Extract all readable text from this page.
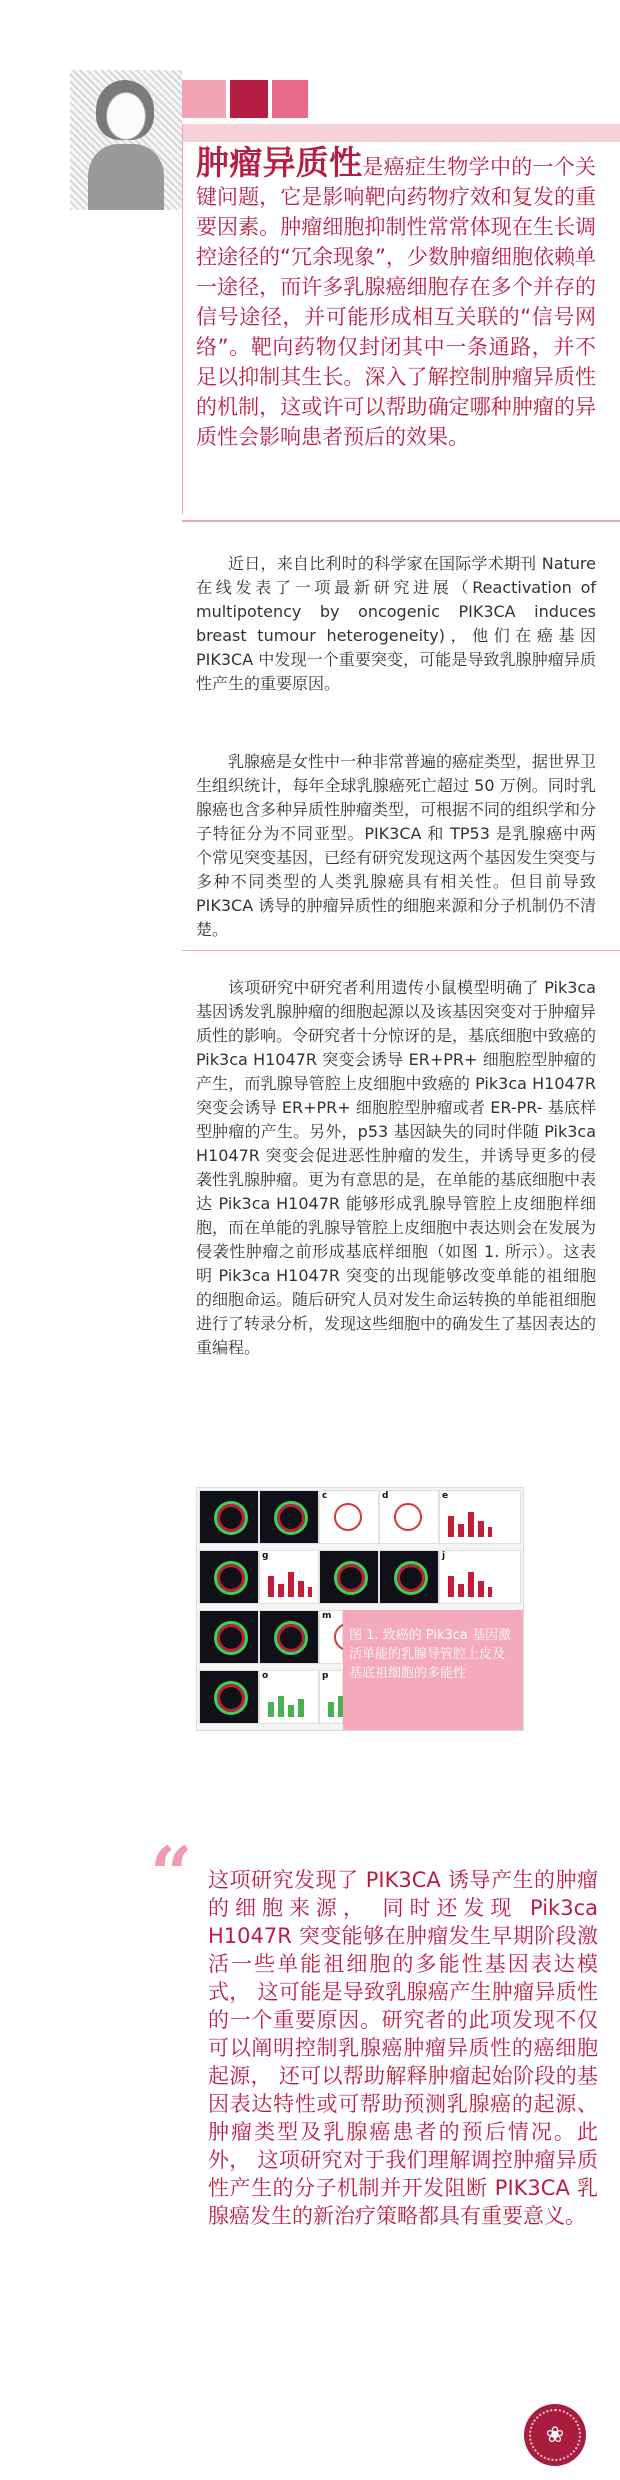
肿瘤异质性是癌症生物学中的一个关键问题，它是影响靶向药物疗效和复发的重要因素。肿瘤细胞抑制性常常体现在生长调控途径的“冗余现象”，少数肿瘤细胞依赖单一途径，而许多乳腺癌细胞存在多个并存的信号途径，并可能形成相互关联的“信号网络”。靶向药物仅封闭其中一条通路，并不足以抑制其生长。深入了解控制肿瘤异质性的机制，这或许可以帮助确定哪种肿瘤的异质性会影响患者预后的效果。

近日，来自比利时的科学家在国际学术期刊 Nature 在线发表了一项最新研究进展（Reactivation of multipotency by oncogenic PIK3CA induces breast tumour heterogeneity)，他们在癌基因PIK3CA 中发现一个重要突变，可能是导致乳腺肿瘤异质性产生的重要原因。

乳腺癌是女性中一种非常普遍的癌症类型，据世界卫生组织统计，每年全球乳腺癌死亡超过 50 万例。同时乳腺癌也含多种异质性肿瘤类型，可根据不同的组织学和分子特征分为不同亚型。PIK3CA 和 TP53 是乳腺癌中两个常见突变基因，已经有研究发现这两个基因发生突变与多种不同类型的人类乳腺癌具有相关性。但目前导致 PIK3CA 诱导的肿瘤异质性的细胞来源和分子机制仍不清楚。

该项研究中研究者利用遗传小鼠模型明确了 Pik3ca 基因诱发乳腺肿瘤的细胞起源以及该基因突变对于肿瘤异质性的影响。令研究者十分惊讶的是，基底细胞中致癌的 Pik3ca H1047R 突变会诱导 ER+PR+ 细胞腔型肿瘤的产生，而乳腺导管腔上皮细胞中致癌的 Pik3ca H1047R 突变会诱导 ER+PR+ 细胞腔型肿瘤或者 ER-PR- 基底样型肿瘤的产生。另外，p53 基因缺失的同时伴随 Pik3ca H1047R 突变会促进恶性肿瘤的发生，并诱导更多的侵袭性乳腺肿瘤。更为有意思的是，在单能的基底细胞中表达 Pik3ca H1047R 能够形成乳腺导管腔上皮细胞样细胞，而在单能的乳腺导管腔上皮细胞中表达则会在发展为侵袭性肿瘤之前形成基底样细胞（如图 1. 所示）。这表明 Pik3ca H1047R 突变的出现能够改变单能的祖细胞的细胞命运。随后研究人员对发生命运转换的单能祖细胞进行了转录分析，发现这些细胞中的确发生了基因表达的重编程。

a	b	c	d	e
f	g	h	i	j
k	l	m
n	o	p

图 1. 致癌的 Pik3ca 基因激活单能的乳腺导管腔上皮及基底祖细胞的多能性

“ 这项研究发现了 PIK3CA 诱导产生的肿瘤的细胞来源， 同时还发现 Pik3ca H1047R 突变能够在肿瘤发生早期阶段激活一些单能祖细胞的多能性基因表达模式， 这可能是导致乳腺癌产生肿瘤异质性的一个重要原因。研究者的此项发现不仅可以阐明控制乳腺癌肿瘤异质性的癌细胞起源， 还可以帮助解释肿瘤起始阶段的基因表达特性或可帮助预测乳腺癌的起源、 肿瘤类型及乳腺癌患者的预后情况。此外， 这项研究对于我们理解调控肿瘤异质性产生的分子机制并开发阻断 PIK3CA 乳腺癌发生的新治疗策略都具有重要意义。

❀
